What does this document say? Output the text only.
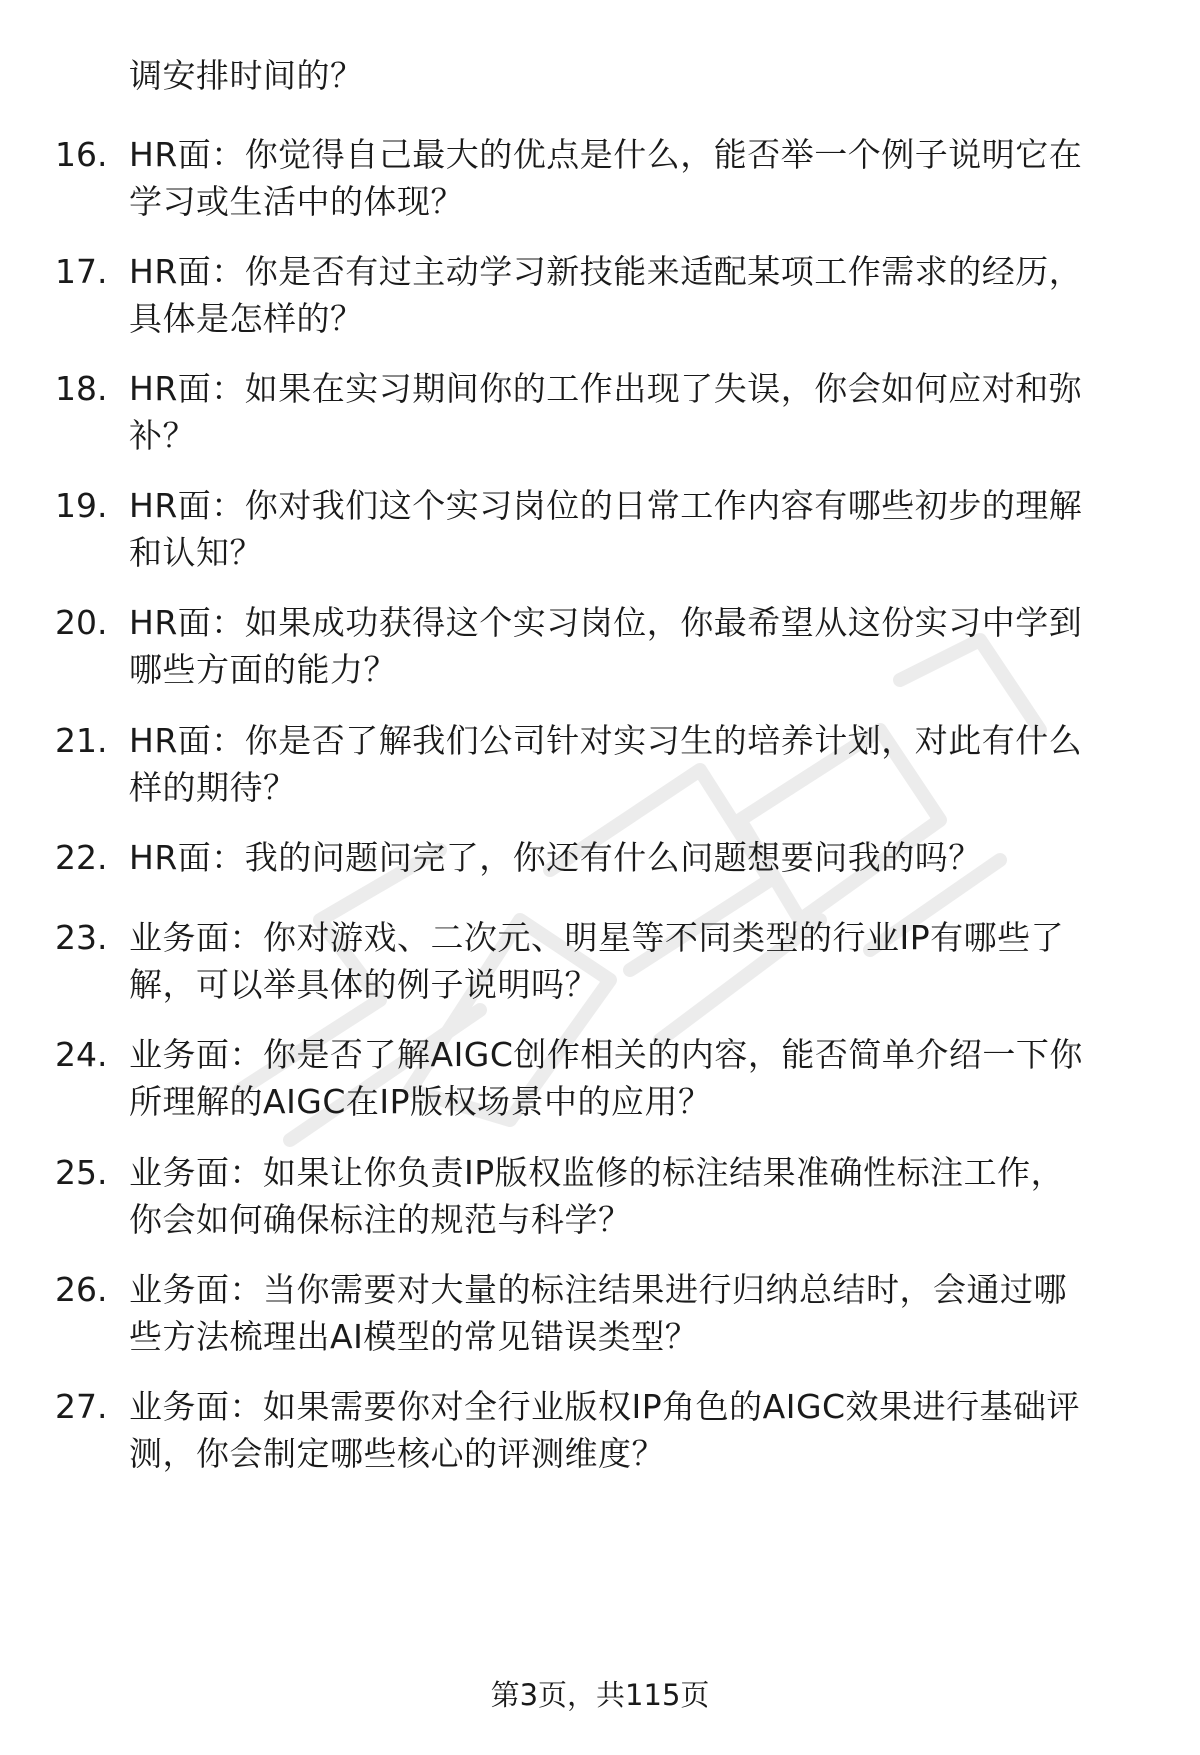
调安排时间的？
16. HR面：你觉得自己最大的优点是什么，能否举一个例子说明它在
学习或生活中的体现？
17. HR面：你是否有过主动学习新技能来适配某项工作需求的经历，
具体是怎样的？
18. HR面：如果在实习期间你的工作出现了失误，你会如何应对和弥
补？
19. HR面：你对我们这个实习岗位的日常工作内容有哪些初步的理解
和认知？
20. HR面：如果成功获得这个实习岗位，你最希望从这份实习中学到
哪些方面的能力？
21. HR面：你是否了解我们公司针对实习生的培养计划，对此有什么
样的期待？
22. HR面：我的问题问完了，你还有什么问题想要问我的吗？
23. 业务面：你对游戏、二次元、明星等不同类型的行业IP有哪些了
解，可以举具体的例子说明吗？
24. 业务面：你是否了解AIGC创作相关的内容，能否简单介绍一下你
所理解的AIGC在IP版权场景中的应用？
25. 业务面：如果让你负责IP版权监修的标注结果准确性标注工作，
你会如何确保标注的规范与科学？
26. 业务面：当你需要对大量的标注结果进行归纳总结时，会通过哪
些方法梳理出AI模型的常见错误类型？
27. 业务面：如果需要你对全行业版权IP角色的AIGC效果进行基础评
测，你会制定哪些核心的评测维度？
第3页，共115页
